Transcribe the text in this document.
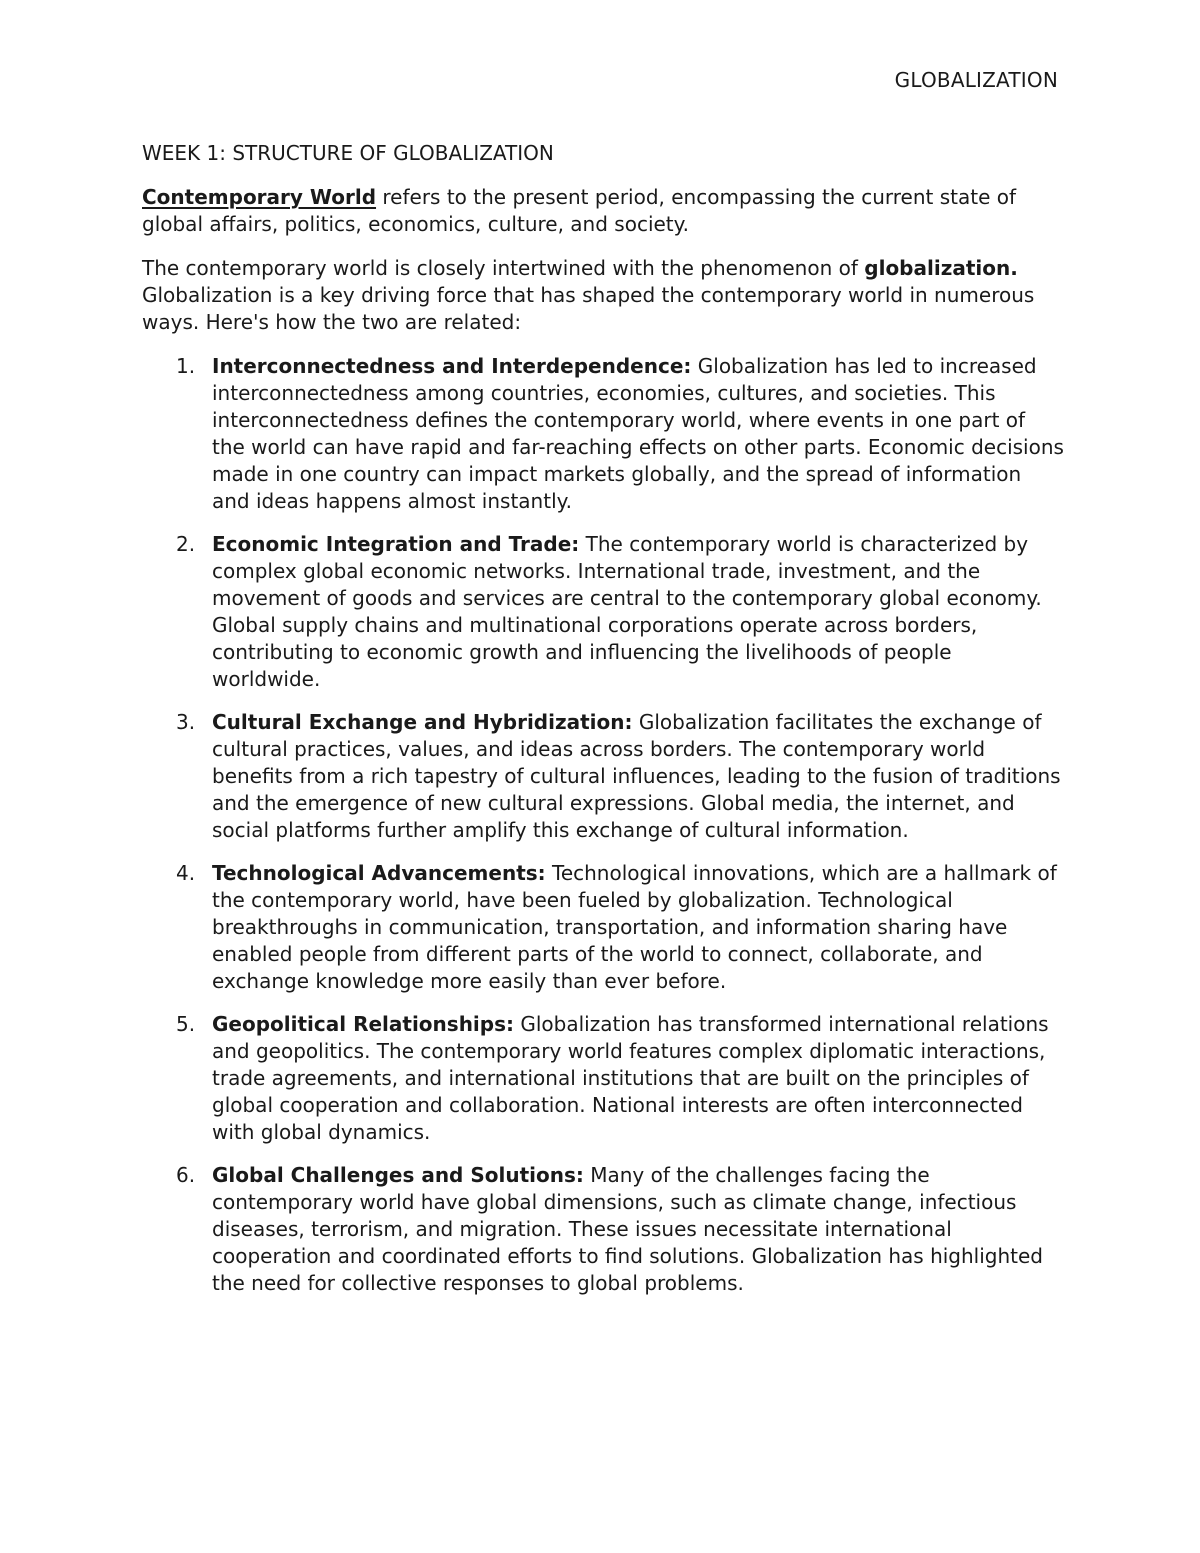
GLOBALIZATION
WEEK 1: STRUCTURE OF GLOBALIZATION

Contemporary World refers to the present period, encompassing the current state of global affairs, politics, economics, culture, and society.

The contemporary world is closely intertwined with the phenomenon of globalization. Globalization is a key driving force that has shaped the contemporary world in numerous ways. Here's how the two are related:

1. Interconnectedness and Interdependence: Globalization has led to increased interconnectedness among countries, economies, cultures, and societies. This interconnectedness defines the contemporary world, where events in one part of the world can have rapid and far-reaching effects on other parts. Economic decisions made in one country can impact markets globally, and the spread of information and ideas happens almost instantly.
2. Economic Integration and Trade: The contemporary world is characterized by complex global economic networks. International trade, investment, and the movement of goods and services are central to the contemporary global economy. Global supply chains and multinational corporations operate across borders, contributing to economic growth and influencing the livelihoods of people worldwide.
3. Cultural Exchange and Hybridization: Globalization facilitates the exchange of cultural practices, values, and ideas across borders. The contemporary world benefits from a rich tapestry of cultural influences, leading to the fusion of traditions and the emergence of new cultural expressions. Global media, the internet, and social platforms further amplify this exchange of cultural information.
4. Technological Advancements: Technological innovations, which are a hallmark of the contemporary world, have been fueled by globalization. Technological breakthroughs in communication, transportation, and information sharing have enabled people from different parts of the world to connect, collaborate, and exchange knowledge more easily than ever before.
5. Geopolitical Relationships: Globalization has transformed international relations and geopolitics. The contemporary world features complex diplomatic interactions, trade agreements, and international institutions that are built on the principles of global cooperation and collaboration. National interests are often interconnected with global dynamics.
6. Global Challenges and Solutions: Many of the challenges facing the contemporary world have global dimensions, such as climate change, infectious diseases, terrorism, and migration. These issues necessitate international cooperation and coordinated efforts to find solutions. Globalization has highlighted the need for collective responses to global problems.
